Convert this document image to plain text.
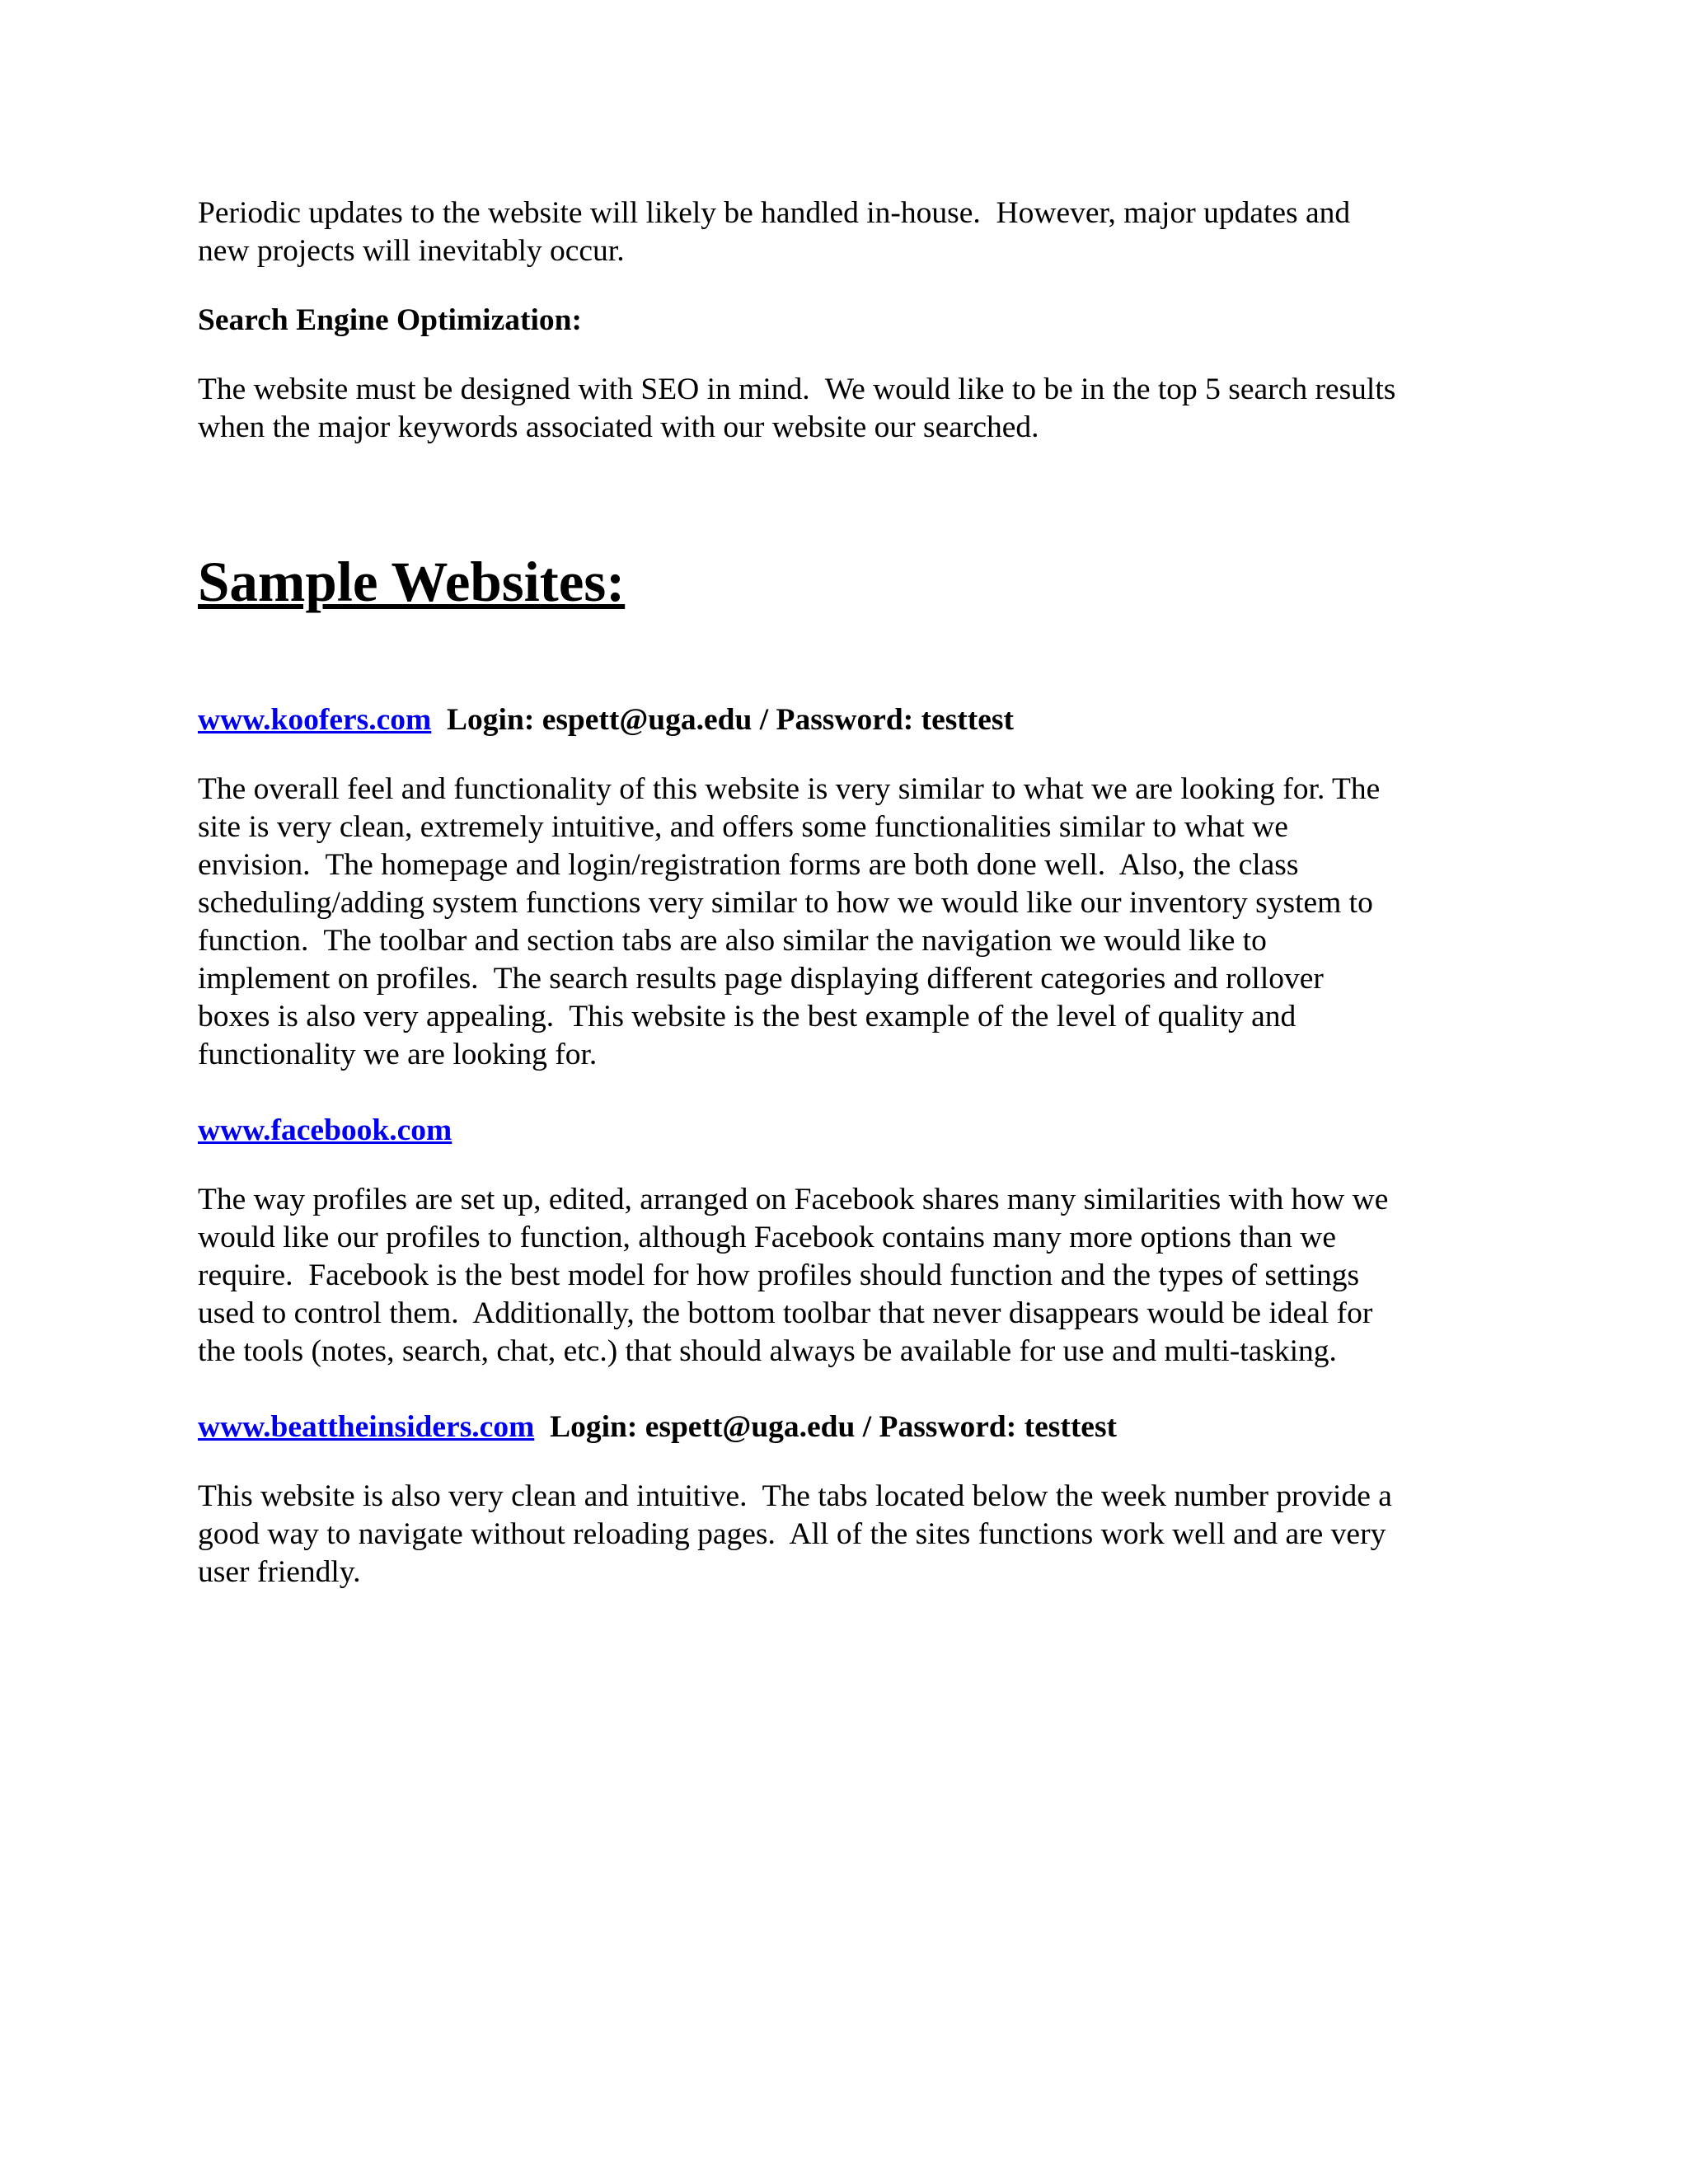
Periodic updates to the website will likely be handled in-house.  However, major updates and
new projects will inevitably occur.

Search Engine Optimization:

The website must be designed with SEO in mind.  We would like to be in the top 5 search results
when the major keywords associated with our website our searched.

Sample Websites:

www.koofers.com Login: espett@uga.edu / Password: testtest

The overall feel and functionality of this website is very similar to what we are looking for. The
site is very clean, extremely intuitive, and offers some functionalities similar to what we
envision.  The homepage and login/registration forms are both done well.  Also, the class
scheduling/adding system functions very similar to how we would like our inventory system to
function.  The toolbar and section tabs are also similar the navigation we would like to
implement on profiles.  The search results page displaying different categories and rollover
boxes is also very appealing.  This website is the best example of the level of quality and
functionality we are looking for.

www.facebook.com

The way profiles are set up, edited, arranged on Facebook shares many similarities with how we
would like our profiles to function, although Facebook contains many more options than we
require.  Facebook is the best model for how profiles should function and the types of settings
used to control them.  Additionally, the bottom toolbar that never disappears would be ideal for
the tools (notes, search, chat, etc.) that should always be available for use and multi-tasking.

www.beattheinsiders.com Login: espett@uga.edu / Password: testtest

This website is also very clean and intuitive.  The tabs located below the week number provide a
good way to navigate without reloading pages.  All of the sites functions work well and are very
user friendly.
